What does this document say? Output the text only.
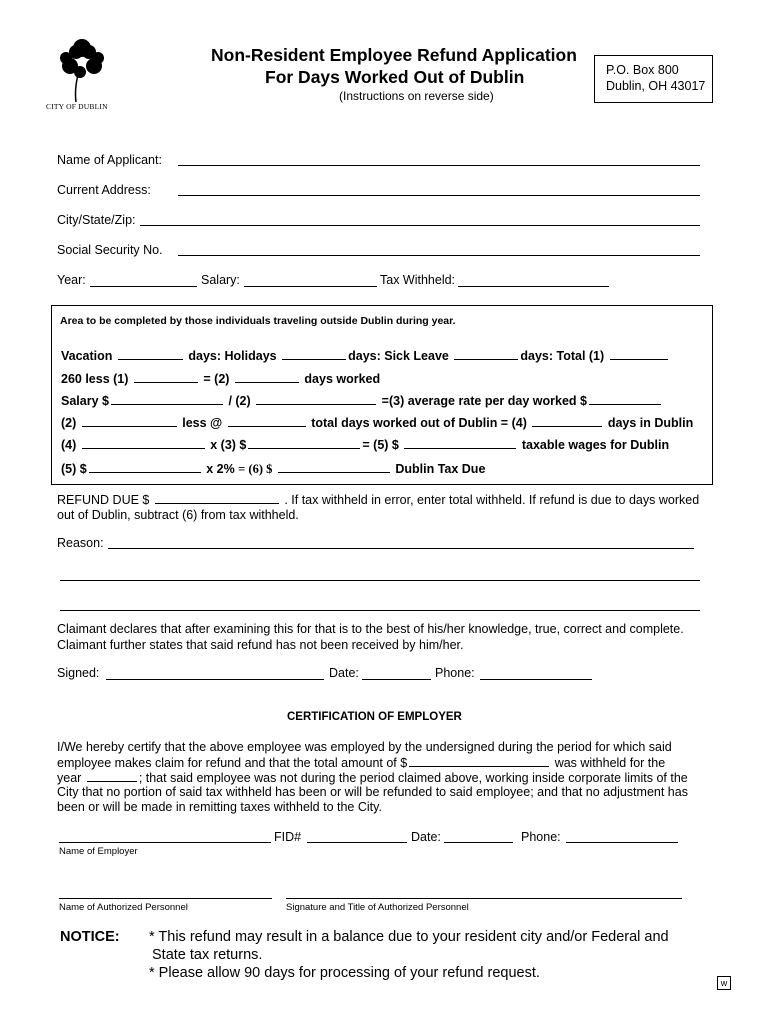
CITY OF DUBLIN
Non-Resident Employee Refund Application
For Days Worked Out of Dublin
(Instructions on reverse side)
P.O. Box 800
Dublin, OH 43017
Name of Applicant:
Current Address:
City/State/Zip:
Social Security No.
Year:	Salary:	Tax Withheld:
Area to be completed by those individuals traveling outside Dublin during year.
Vacation	days: Holidays	days: Sick Leave	days: Total (1)
260 less (1)	= (2)	days worked
Salary $	/ (2)	=(3) average rate per day worked $
(2)	less @	total days worked out of Dublin = (4)	days in Dublin
(4)	x (3) $	= (5) $	taxable wages for Dublin
(5) $	x 2% = (6) $	Dublin Tax Due
REFUND DUE $	. If tax withheld in error, enter total withheld. If refund is due to days worked
out of Dublin, subtract (6) from tax withheld.
Reason:
Claimant declares that after examining this for that is to the best of his/her knowledge, true, correct and complete.
Claimant further states that said refund has not been received by him/her.
Signed:	Date:	Phone:
CERTIFICATION OF EMPLOYER
I/We hereby certify that the above employee was employed by the undersigned during the period for which said
employee makes claim for refund and that the total amount of $	was withheld for the
year	; that said employee was not during the period claimed above, working inside corporate limits of the
City that no portion of said tax withheld has been or will be refunded to said employee; and that no adjustment has
been or will be made in remitting taxes withheld to the City.
FID#	Date:	Phone:
Name of Employer
Name of Authorized Personnel	Signature and Title of Authorized Personnel
NOTICE: * This refund may result in a balance due to your resident city and/or Federal and
State tax returns.
* Please allow 90 days for processing of your refund request.
w
